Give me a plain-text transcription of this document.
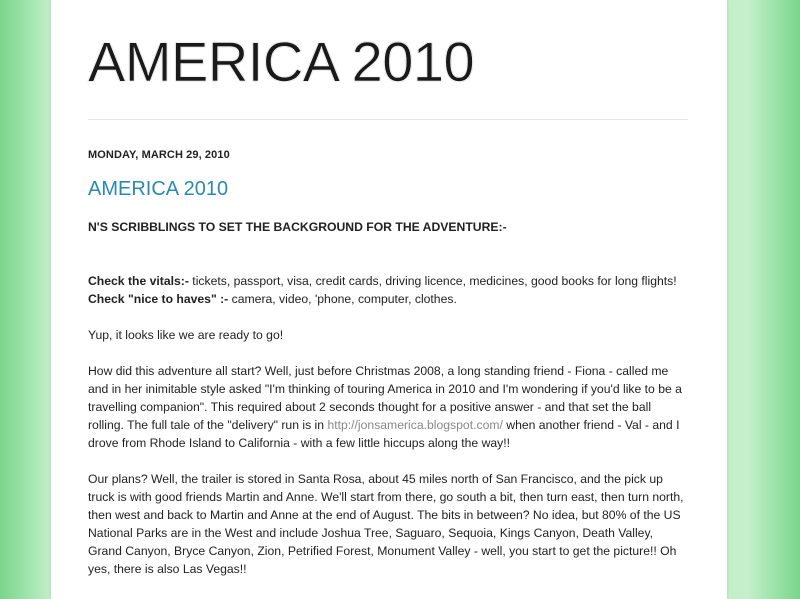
AMERICA 2010
MONDAY, MARCH 29, 2010
AMERICA 2010

N'S SCRIBBLINGS TO SET THE BACKGROUND FOR THE ADVENTURE:-

Check the vitals:- tickets, passport, visa, credit cards, driving licence, medicines, good books for long flights!

Check "nice to haves" :- camera, video, 'phone, computer, clothes.

Yup, it looks like we are ready to go!

How did this adventure all start? Well, just before Christmas 2008, a long standing friend - Fiona - called me and in her inimitable style asked "I'm thinking of touring America in 2010 and I'm wondering if you'd like to be a travelling companion". This required about 2 seconds thought for a positive answer - and that set the ball rolling. The full tale of the "delivery" run is in http://jonsamerica.blogspot.com/ when another friend - Val - and I drove from Rhode Island to California - with a few little hiccups along the way!!

Our plans? Well, the trailer is stored in Santa Rosa, about 45 miles north of San Francisco, and the pick up truck is with good friends Martin and Anne. We'll start from there, go south a bit, then turn east, then turn north, then west and back to Martin and Anne at the end of August. The bits in between? No idea, but 80% of the US National Parks are in the West and include Joshua Tree, Saguaro, Sequoia, Kings Canyon, Death Valley, Grand Canyon, Bryce Canyon, Zion, Petrified Forest, Monument Valley - well, you start to get the picture!! Oh yes, there is also Las Vegas!!
